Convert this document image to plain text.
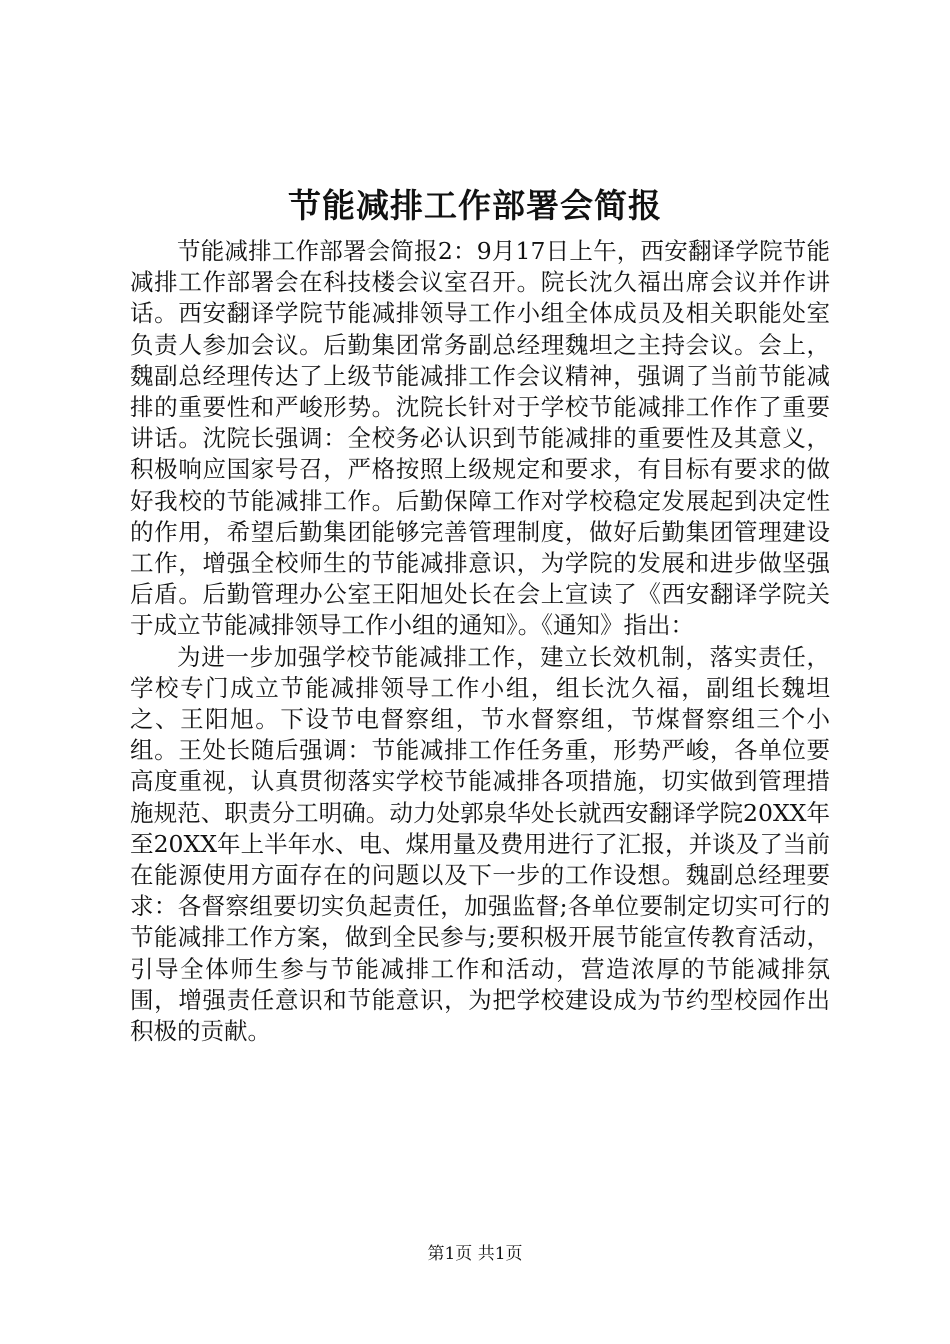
节能减排工作部署会简报

节能减排工作部署会简报2：9月17日上午，西安翻译学院节能减排工作部署会在科技楼会议室召开。院长沈久福出席会议并作讲话。西安翻译学院节能减排领导工作小组全体成员及相关职能处室负责人参加会议。后勤集团常务副总经理魏坦之主持会议。会上，魏副总经理传达了上级节能减排工作会议精神，强调了当前节能减排的重要性和严峻形势。沈院长针对于学校节能减排工作作了重要讲话。沈院长强调：全校务必认识到节能减排的重要性及其意义，积极响应国家号召，严格按照上级规定和要求，有目标有要求的做好我校的节能减排工作。后勤保障工作对学校稳定发展起到决定性的作用，希望后勤集团能够完善管理制度，做好后勤集团管理建设工作，增强全校师生的节能减排意识，为学院的发展和进步做坚强后盾。后勤管理办公室王阳旭处长在会上宣读了《西安翻译学院关于成立节能减排领导工作小组的通知》。《通知》指出：

为进一步加强学校节能减排工作，建立长效机制，落实责任，学校专门成立节能减排领导工作小组，组长沈久福，副组长魏坦之、王阳旭。下设节电督察组，节水督察组，节煤督察组三个小组。王处长随后强调：节能减排工作任务重，形势严峻，各单位要高度重视，认真贯彻落实学校节能减排各项措施，切实做到管理措施规范、职责分工明确。动力处郭泉华处长就西安翻译学院20XX年至20XX年上半年水、电、煤用量及费用进行了汇报，并谈及了当前在能源使用方面存在的问题以及下一步的工作设想。魏副总经理要求：各督察组要切实负起责任，加强监督;各单位要制定切实可行的节能减排工作方案，做到全民参与;要积极开展节能宣传教育活动，引导全体师生参与节能减排工作和活动，营造浓厚的节能减排氛围，增强责任意识和节能意识，为把学校建设成为节约型校园作出积极的贡献。

第1页 共1页
